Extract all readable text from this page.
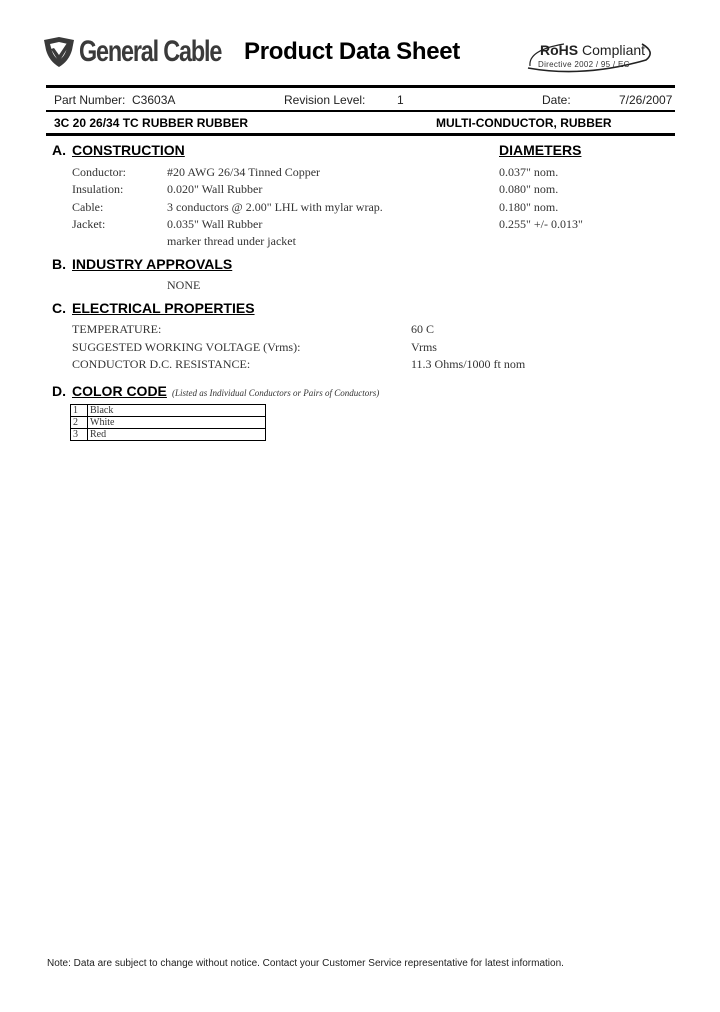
General Cable Product Data Sheet	RoHS Compliant
Directive 2002 / 95 / EC
Part Number: C3603A	Revision Level:	1	Date:	7/26/2007
3C 20 26/34 TC RUBBER RUBBER	MULTI-CONDUCTOR, RUBBER
A. CONSTRUCTION	DIAMETERS
Conductor:	#20 AWG 26/34 Tinned Copper	0.037" nom.
Insulation:	0.020" Wall Rubber	0.080" nom.
Cable:	3 conductors @ 2.00" LHL with mylar wrap.	0.180" nom.
Jacket:	0.035" Wall Rubber	0.255" +/- 0.013"
marker thread under jacket
B. INDUSTRY APPROVALS
NONE
C. ELECTRICAL PROPERTIES
TEMPERATURE:	60 C
SUGGESTED WORKING VOLTAGE (Vrms):	Vrms
CONDUCTOR D.C. RESISTANCE:	11.3 Ohms/1000 ft nom
D. COLOR CODE (Listed as Individual Conductors or Pairs of Conductors)
1	Black
2	White
3	Red
Note: Data are subject to change without notice. Contact your Customer Service representative for latest information.
